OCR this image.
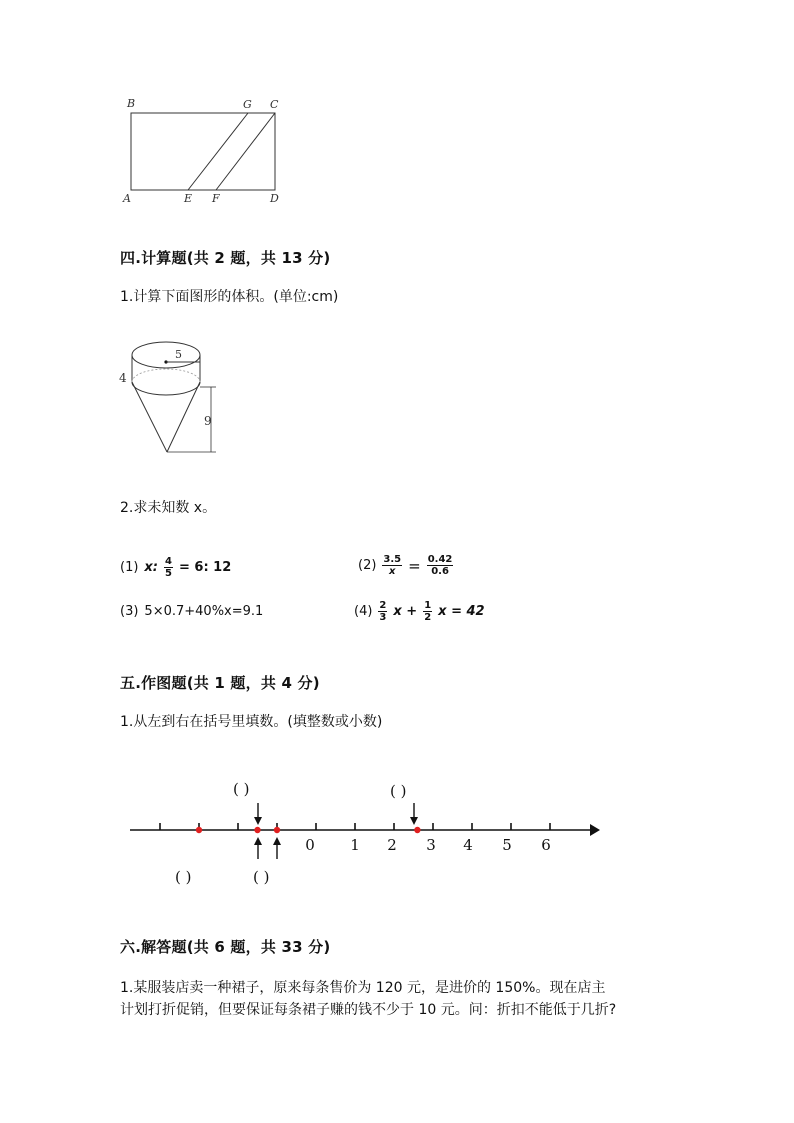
B	G C
A	E F	D
四.计算题(共 2 题，共 13 分)
1.计算下面图形的体积。(单位:cm)
5
4
9
2.求未知数 x。
(1) x: $\frac{4}{5} = 6$: 12	$(2) \frac{3.5}{x} = \frac{0.42}{0.6}$
(3) 5×0.7+40%x=9.1	$(4) \frac{2}{3}$ $x + \frac{1}{2}$ x = 42
五.作图题(共 1 题，共 4 分)
1.从左到右在括号里填数。(填整数或小数)
0 1 2 3 4 5 6
( )	( )
( )	( )
六.解答题(共 6 题，共 33 分)
1.某服装店卖一种裙子，原来每条售价为 120 元，是进价的 150%。现在店主
计划打折促销，但要保证每条裙子赚的钱不少于 10 元。问：折扣不能低于几折?
